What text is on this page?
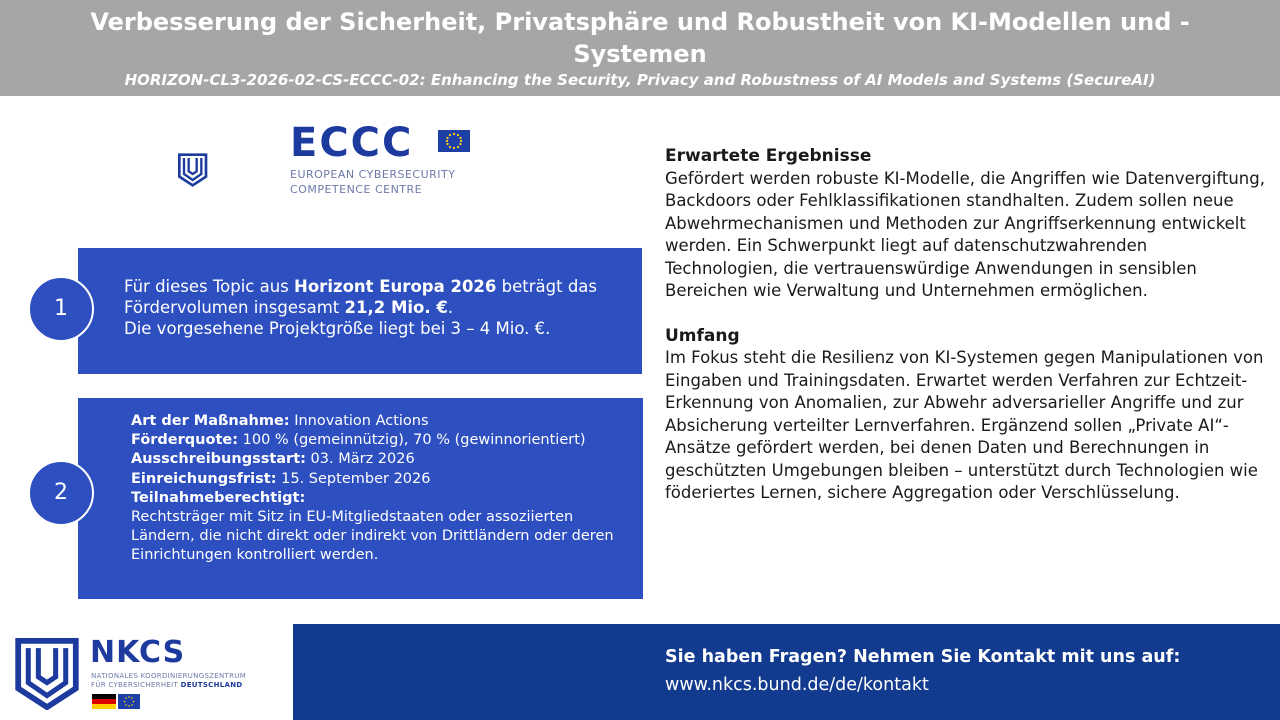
Verbesserung der Sicherheit, Privatsphäre und Robustheit von KI-Modellen und -Systemen
HORIZON-CL3-2026-02-CS-ECCC-02: Enhancing the Security, Privacy and Robustness of AI Models and Systems (SecureAI)
ECCC
EUROPEAN CYBERSECURITY
COMPETENCE CENTRE
Für dieses Topic aus Horizont Europa 2026 beträgt das Fördervolumen insgesamt 21,2 Mio. €.
Die vorgesehene Projektgröße liegt bei 3 – 4 Mio. €.
1
Art der Maßnahme: Innovation Actions
Förderquote: 100 % (gemeinnützig), 70 % (gewinnorientiert)
Ausschreibungsstart: 03. März 2026
Einreichungsfrist: 15. September 2026
Teilnahmeberechtigt:
Rechtsträger mit Sitz in EU-Mitgliedstaaten oder assoziierten Ländern, die nicht direkt oder indirekt von Drittländern oder deren Einrichtungen kontrolliert werden.
2
Erwartete Ergebnisse

Gefördert werden robuste KI-Modelle, die Angriffen wie Datenvergiftung, Backdoors oder Fehlklassifikationen standhalten. Zudem sollen neue Abwehrmechanismen und Methoden zur Angriffserkennung entwickelt werden. Ein Schwerpunkt liegt auf datenschutzwahrenden Technologien, die vertrauenswürdige Anwendungen in sensiblen Bereichen wie Verwaltung und Unternehmen ermöglichen.

Umfang

Im Fokus steht die Resilienz von KI-Systemen gegen Manipulationen von Eingaben und Trainingsdaten. Erwartet werden Verfahren zur Echtzeit-Erkennung von Anomalien, zur Abwehr adversarieller Angriffe und zur Absicherung verteilter Lernverfahren. Ergänzend sollen „Private AI“-Ansätze gefördert werden, bei denen Daten und Berechnungen in geschützten Umgebungen bleiben – unterstützt durch Technologien wie föderiertes Lernen, sichere Aggregation oder Verschlüsselung.

Sie haben Fragen? Nehmen Sie Kontakt mit uns auf:
www.nkcs.bund.de/de/kontakt
NKCS
NATIONALES KOORDINIERUNGSZENTRUM
FÜR CYBERSICHERHEIT DEUTSCHLAND
